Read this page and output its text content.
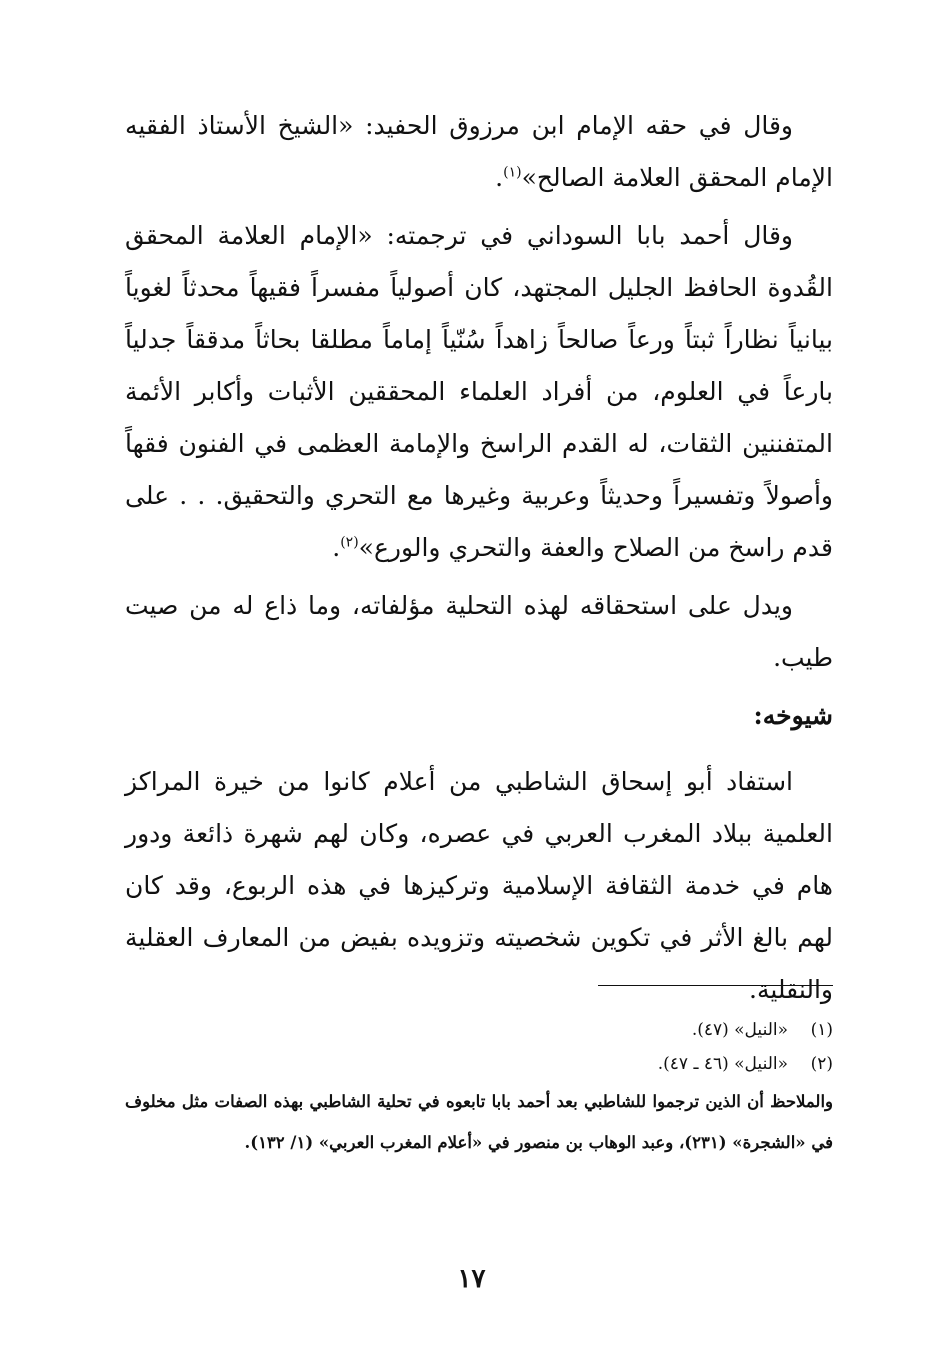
وقال في حقه الإمام ابن مرزوق الحفيد: «الشيخ الأستاذ الفقيه الإمام المحقق العلامة الصالح»$^{(١)}$.

وقال أحمد بابا السوداني في ترجمته: «الإمام العلامة المحقق القُدوة الحافظ الجليل المجتهد، كان أصولياً مفسراً فقيهاً محدثاً لغوياً بيانياً نظاراً ثبتاً ورعاً صالحاً زاهداً سُنّياً إماماً مطلقا بحاثاً مدققاً جدلياً بارعاً في العلوم، من أفراد العلماء المحققين الأثبات وأكابر الأئمة المتفننين الثقات، له القدم الراسخ والإمامة العظمى في الفنون فقهاً وأصولاً وتفسيراً وحديثاً وعربية وغيرها مع التحري والتحقيق. . . على قدم راسخ من الصلاح والعفة والتحري والورع»$^{(٢)}$.

ويدل على استحقاقه لهذه التحلية مؤلفاته، وما ذاع له من صيت طيب.

شيوخه:

استفاد أبو إسحاق الشاطبي من أعلام كانوا من خيرة المراكز العلمية ببلاد المغرب العربي في عصره، وكان لهم شهرة ذائعة ودور هام في خدمة الثقافة الإسلامية وتركيزها في هذه الربوع، وقد كان لهم بالغ الأثر في تكوين شخصيته وتزويده بفيض من المعارف العقلية والنقلية.

(١)
«النيل» (٤٧).
(٢)
«النيل» (٤٦ ـ ٤٧).
والملاحظ أن الذين ترجموا للشاطبي بعد أحمد بابا تابعوه في تحلية الشاطبي بهذه الصفات مثل مخلوف في «الشجرة» (٢٣١)، وعبد الوهاب بن منصور في «أعلام المغرب العربي» (١/ ١٣٢).
١٧
